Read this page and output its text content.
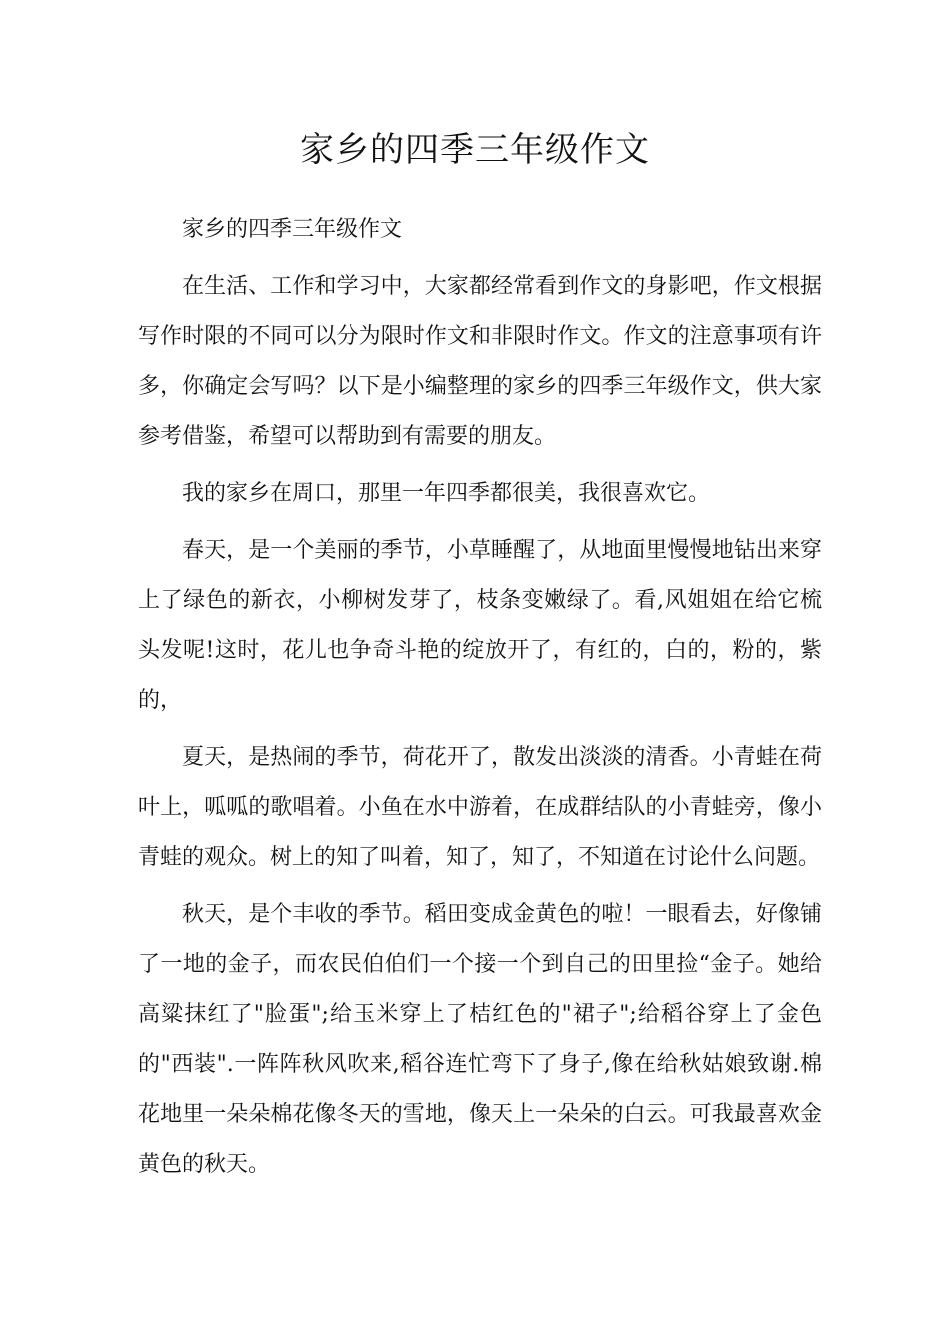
家乡的四季三年级作文

家乡的四季三年级作文

在生活、工作和学习中，大家都经常看到作文的身影吧，作文根据写作时限的不同可以分为限时作文和非限时作文。作文的注意事项有许多，你确定会写吗？以下是小编整理的家乡的四季三年级作文，供大家参考借鉴，希望可以帮助到有需要的朋友。

我的家乡在周口，那里一年四季都很美，我很喜欢它。

春天，是一个美丽的季节，小草睡醒了，从地面里慢慢地钻出来穿上了绿色的新衣，小柳树发芽了，枝条变嫩绿了。看,风姐姐在给它梳头发呢!这时，花儿也争奇斗艳的绽放开了，有红的，白的，粉的，紫的，

夏天，是热闹的季节，荷花开了，散发出淡淡的清香。小青蛙在荷叶上，呱呱的歌唱着。小鱼在水中游着，在成群结队的小青蛙旁，像小青蛙的观众。树上的知了叫着，知了，知了，不知道在讨论什么问题。

秋天，是个丰收的季节。稻田变成金黄色的啦！一眼看去，好像铺了一地的金子，而农民伯伯们一个接一个到自己的田里捡“金子。她给高粱抹红了"脸蛋";给玉米穿上了桔红色的"裙子";给稻谷穿上了金色的"西装".一阵阵秋风吹来,稻谷连忙弯下了身子,像在给秋姑娘致谢.棉花地里一朵朵棉花像冬天的雪地，像天上一朵朵的白云。可我最喜欢金黄色的秋天。
